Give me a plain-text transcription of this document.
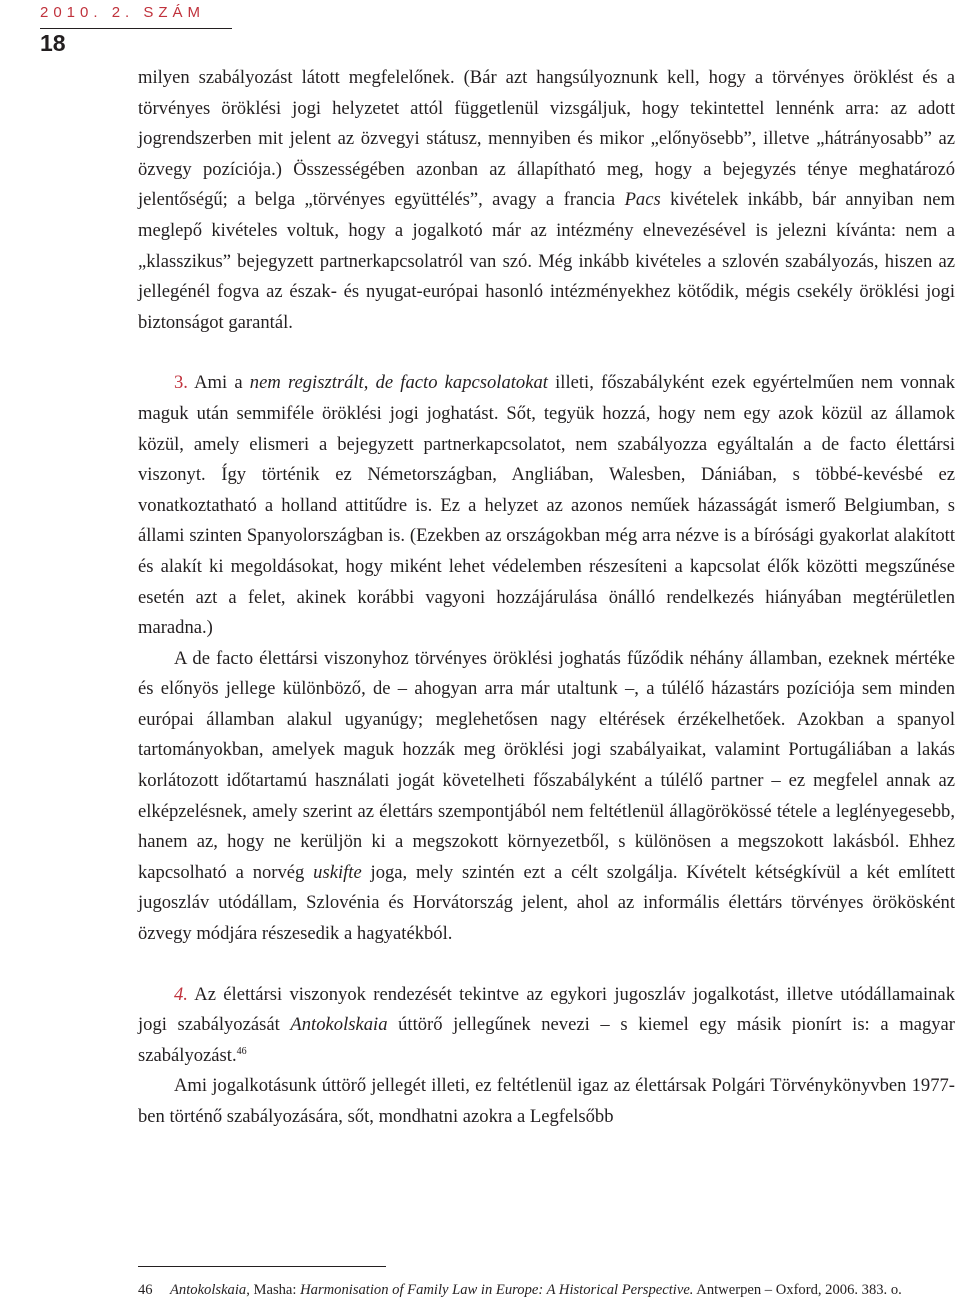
2010. 2. SZÁM
18

milyen szabályozást látott megfelelőnek. (Bár azt hangsúlyoznunk kell, hogy a törvényes öröklést és a törvényes öröklési jogi helyzetet attól függetlenül vizsgáljuk, hogy tekintettel lennénk arra: az adott jogrendszerben mit jelent az özvegyi státusz, mennyiben és mikor „előnyösebb”, illetve „hátrányosabb” az özvegy pozíciója.) Összességében azonban az állapítható meg, hogy a bejegyzés ténye meghatározó jelentőségű; a belga „törvényes együttélés”, avagy a francia Pacs kivételek inkább, bár annyiban nem meglepő kivételes voltuk, hogy a jogalkotó már az intézmény elnevezésével is jelezni kívánta: nem a „klasszikus” bejegyzett partnerkapcsolatról van szó. Még inkább kivételes a szlovén szabályozás, hiszen az jellegénél fogva az észak- és nyugat-európai hasonló intézményekhez kötődik, mégis csekély öröklési jogi biztonságot garantál.

3. Ami a nem regisztrált, de facto kapcsolatokat illeti, főszabályként ezek egyértelműen nem vonnak maguk után semmiféle öröklési jogi joghatást. Sőt, tegyük hozzá, hogy nem egy azok közül az államok közül, amely elismeri a bejegyzett partnerkapcsolatot, nem szabályozza egyáltalán a de facto élettársi viszonyt. Így történik ez Németországban, Angliában, Walesben, Dániában, s többé-kevésbé ez vonatkoztatható a holland attitűdre is. Ez a helyzet az azonos neműek házasságát ismerő Belgiumban, s állami szinten Spanyolországban is. (Ezekben az országokban még arra nézve is a bírósági gyakorlat alakított és alakít ki megoldásokat, hogy miként lehet védelemben részesíteni a kapcsolat élők közötti megszűnése esetén azt a felet, akinek korábbi vagyoni hozzájárulása önálló rendelkezés hiányában megtérületlen maradna.)

A de facto élettársi viszonyhoz törvényes öröklési joghatás fűződik néhány államban, ezeknek mértéke és előnyös jellege különböző, de – ahogyan arra már utaltunk –, a túlélő házastárs pozíciója sem minden európai államban alakul ugyanúgy; meglehetősen nagy eltérések érzékelhetőek. Azokban a spanyol tartományokban, amelyek maguk hozzák meg öröklési jogi szabályaikat, valamint Portugáliában a lakás korlátozott időtartamú használati jogát követelheti főszabályként a túlélő partner – ez megfelel annak az elképzelésnek, amely szerint az élettárs szempontjából nem feltétlenül állagörökössé tétele a leglényegesebb, hanem az, hogy ne kerüljön ki a megszokott környezetből, s különösen a megszokott lakásból. Ehhez kapcsolható a norvég uskifte joga, mely szintén ezt a célt szolgálja. Kívételt kétségkívül a két említett jugoszláv utódállam, Szlovénia és Horvátország jelent, ahol az informális élettárs törvényes örökösként özvegy módjára részesedik a hagyatékból.

4. Az élettársi viszonyok rendezését tekintve az egykori jugoszláv jogalkotást, illetve utódállamainak jogi szabályozását Antokolskaia úttörő jellegűnek nevezi – s kiemel egy másik pionírt is: a magyar szabályozást.$^{46}$

Ami jogalkotásunk úttörő jellegét illeti, ez feltétlenül igaz az élettársak Polgári Törvénykönyvben 1977-ben történő szabályozására, sőt, mondhatni azokra a Legfelsőbb

46 Antokolskaia, Masha: Harmonisation of Family Law in Europe: A Historical Perspective. Antwerpen – Oxford, 2006. 383. o.
